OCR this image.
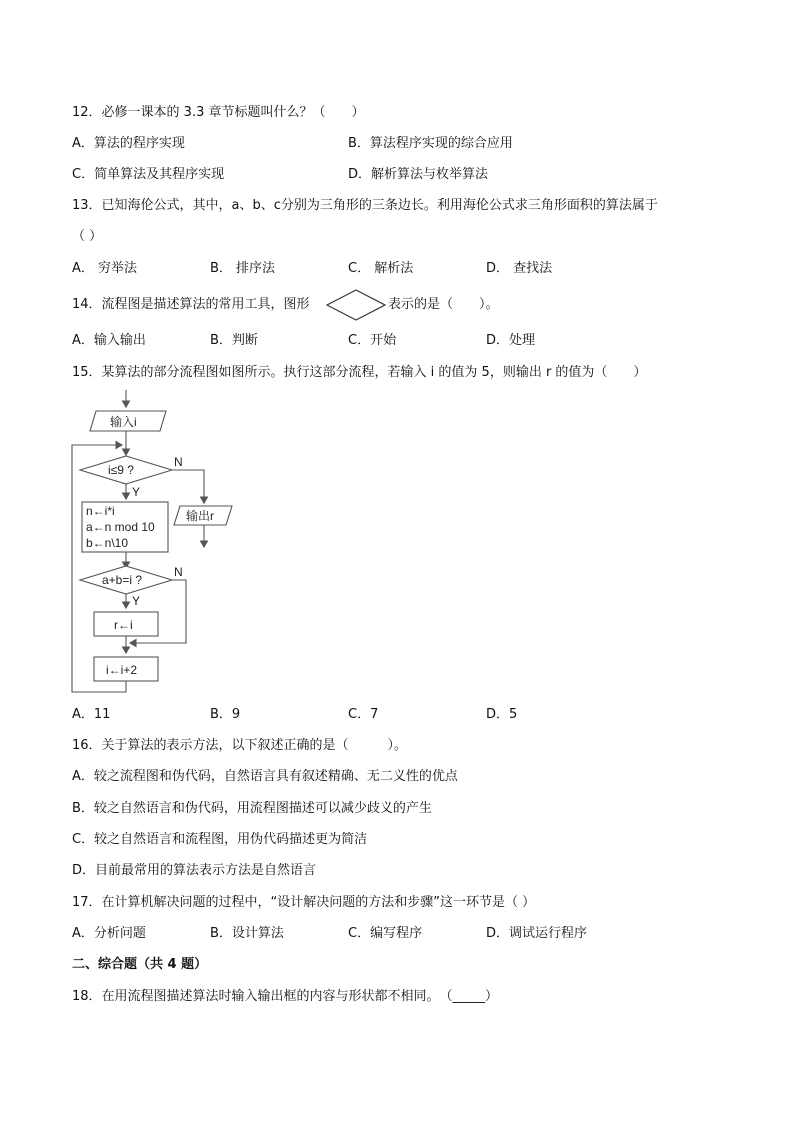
12．必修一课本的 3.3 章节标题叫什么？（　　）
A．算法的程序实现	B．算法程序实现的综合应用
C．简单算法及其程序实现	D．解析算法与枚举算法
13．已知海伦公式，其中，a、b、c分别为三角形的三条边长。利用海伦公式求三角形面积的算法属于
（ ）
A． 穷举法	B． 排序法	C． 解析法	D． 查找法
14．流程图是描述算法的常用工具，图形	表示的是（　　）。
A．输入输出	B．判断	C．开始	D．处理
15．某算法的部分流程图如图所示。执行这部分流程，若输入 i 的值为 5，则输出 r 的值为（　　）
输入i
i≤9 ?
N
Y
n←i*i
a←n mod 10
b←n\10
输出r
a+b=i ?
N
Y
r←i
i←i+2
A．11	B．9	C．7	D．5
16．关于算法的表示方法，以下叙述正确的是（　　　）。
A．较之流程图和伪代码，自然语言具有叙述精确、无二义性的优点
B．较之自然语言和伪代码，用流程图描述可以减少歧义的产生
C．较之自然语言和流程图，用伪代码描述更为简洁
D．目前最常用的算法表示方法是自然语言
17．在计算机解决问题的过程中，“设计解决问题的方法和步骤”这一环节是（ ）
A．分析问题	B．设计算法	C．编写程序	D．调试运行程序
二、综合题（共 4 题）
18．在用流程图描述算法时输入输出框的内容与形状都不相同。　（_____）
